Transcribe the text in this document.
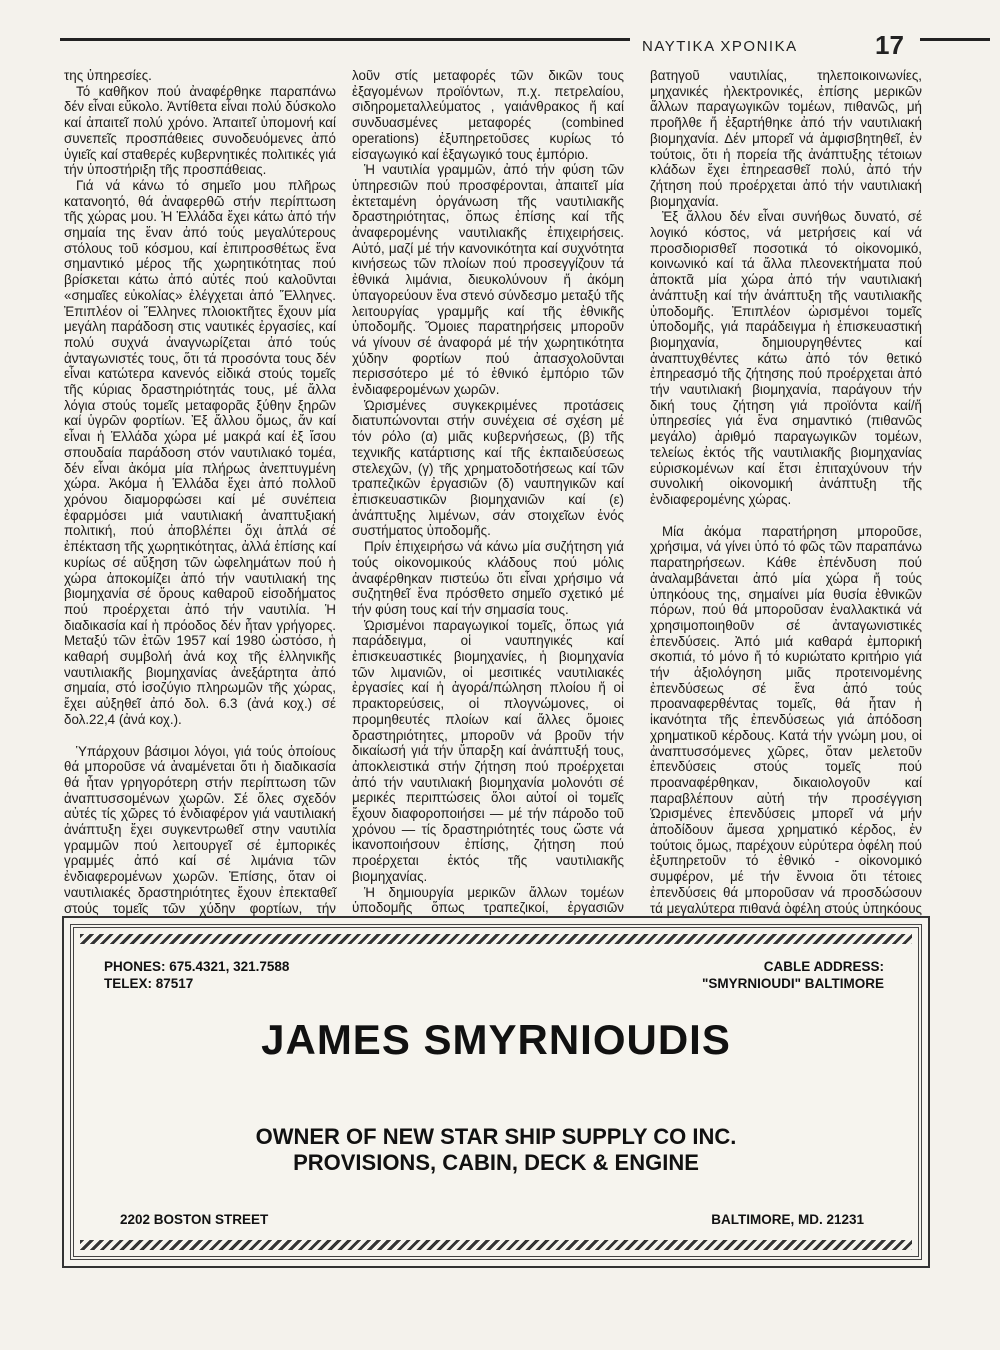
ΝΑΥΤΙΚΑ ΧΡΟΝΙΚΑ	17

της ὑπηρεσίες.

Τό καθῆκον πού ἀναφέρθηκε παραπάνω δέν εἶναι εὔκολο. Ἀντίθετα εἶναι πολύ δύσκολο καί ἀπαιτεῖ πολύ χρόνο. Ἀπαιτεῖ ὑπομονή καί συνεπεῖς προσπάθειες συνοδευόμενες ἀπό ὑγιεῖς καί σταθερές κυβερνητικές πολιτικές γιά τήν ὑποστήριξη τῆς προσπάθειας.

Γιά νά κάνω τό σημεῖο μου πλῆρως κατανοητό, θά ἀναφερθῶ στήν περίπτωση τῆς χώρας μου. Ἡ Ἑλλάδα ἔχει κάτω ἀπό τήν σημαία της ἕναν ἀπό τούς μεγαλύτερους στόλους τοῦ κόσμου, καί ἐπιπροσθέτως ἕνα σημαντικό μέρος τῆς χωρητικότητας πού βρίσκεται κάτω ἀπό αὐτές πού καλοῦνται «σημαῖες εὐκολίας» ἐλέγχεται ἀπό Ἕλληνες. Ἐπιπλέον οἱ Ἕλληνες πλοιοκτῆτες ἔχουν μία μεγάλη παράδοση στις ναυτικές ἐργασίες, καί πολύ συχνά ἀναγνωρίζεται ἀπό τούς ἀνταγωνιστές τους, ὅτι τά προσόντα τους δέν εἶναι κατώτερα κανενός εἰδικά στούς τομεῖς τῆς κύριας δραστηριότητάς τους, μέ ἄλλα λόγια στούς τομεῖς μεταφορᾶς ξύθην ξηρῶν καί ὑγρῶν φορτίων. Ἐξ ἄλλου ὅμως, ἄν καί εἶναι ἡ Ἑλλάδα χώρα μέ μακρά καί ἐξ ἴσου σπουδαία παράδοση στόν ναυτιλιακό τομέα, δέν εἶναι ἀκόμα μία πλήρως ἀνεπτυγμένη χώρα. Ἀκόμα ἡ Ἑλλάδα ἔχει ἀπό πολλοῦ χρόνου διαμορφώσει καί μέ συνέπεια ἐφαρμόσει μιά ναυτιλιακή ἀναπτυξιακή πολιτική, πού ἀποβλέπει ὄχι ἁπλά σέ ἐπέκταση τῆς χωρητικότητας, ἀλλά ἐπίσης καί κυρίως σέ αὔξηση τῶν ὠφελημάτων πού ἡ χώρα ἀποκομίζει ἀπό τήν ναυτιλιακή της βιομηχανία σέ ὅρους καθαροῦ εἰσοδήματος πού προέρχεται ἀπό τήν ναυτιλία. Ἡ διαδικασία καί ἡ πρόοδος δέν ἦταν γρήγορες. Μεταξύ τῶν ἐτῶν 1957 καί 1980 ὡστόσο, ἡ καθαρή συμβολή ἀνά κοχ τῆς ἑλληνικῆς ναυτιλιακῆς βιομηχανίας ἀνεξάρτητα ἀπό σημαία, στό ἰσοζύγιο πληρωμῶν τῆς χώρας, ἔχει αὐξηθεῖ ἀπό δολ. 6.3 (ἀνά κοχ.) σέ δολ.22,4 (ἀνά κοχ.).

Ὑπάρχουν βάσιμοι λόγοι, γιά τούς ὁποίους θά μποροῦσε νά ἀναμένεται ὅτι ἡ διαδικασία θά ἦταν γρηγορότερη στήν περίπτωση τῶν ἀναπτυσσομένων χωρῶν. Σέ ὅλες σχεδόν αὐτές τίς χῶρες τό ἐνδιαφέρον γιά ναυτιλιακή ἀνάπτυξη ἔχει συγκεντρωθεῖ στην ναυτιλία γραμμῶν πού λειτουργεῖ σέ ἐμπορικές γραμμές ἀπό καί σέ λιμάνια τῶν ἐνδιαφερομένων χωρῶν. Ἐπίσης, ὅταν οἱ ναυτιλιακές δραστηριότητες ἔχουν ἐπεκταθεῖ στούς τομεῖς τῶν χύδην φορτίων, τήν

λοῦν στίς μεταφορές τῶν δικῶν τους ἐξαγομένων προϊόντων, π.χ. πετρελαίου, σιδηρομεταλλεύματος , γαιάνθρακος ἤ καί συνδυασμένες μεταφορές (combined operations) ἐξυπηρετοῦσες κυρίως τό εἰσαγωγικό καί ἐξαγωγικό τους ἐμπόριο.

Ἡ ναυτιλία γραμμῶν, ἀπό τήν φύση τῶν ὑπηρεσιῶν πού προσφέρονται, ἀπαιτεῖ μία ἐκτεταμένη ὀργάνωση τῆς ναυτιλιακῆς δραστηριότητας, ὅπως ἐπίσης καί τῆς ἀναφερομένης ναυτιλιακῆς ἐπιχειρήσεις. Αὐτό, μαζί μέ τήν κανονικότητα καί συχνότητα κινήσεως τῶν πλοίων πού προσεγγίζουν τά ἐθνικά λιμάνια, διευκολύνουν ἤ ἀκόμη ὑπαγορεύουν ἕνα στενό σύνδεσμο μεταξύ τῆς λειτουργίας γραμμῆς καί τῆς ἐθνικῆς ὑποδομῆς. Ὅμοιες παρατηρήσεις μποροῦν νά γίνουν σέ ἀναφορά μέ τήν χωρητικότητα χύδην φορτίων πού ἀπασχολοῦνται περισσότερο μέ τό ἐθνικό ἐμπόριο τῶν ἐνδιαφερομένων χωρῶν.

Ὡρισμένες συγκεκριμένες προτάσεις διατυπώνονται στήν συνέχεια σέ σχέση μέ τόν ρόλο (α) μιᾶς κυβερνήσεως, (β) τῆς τεχνικῆς κατάρτισης καί τῆς ἐκπαιδεύσεως στελεχῶν, (γ) τῆς χρηματοδοτήσεως καί τῶν τραπεζικῶν ἐργασιῶν (δ) ναυπηγικῶν καί ἐπισκευαστικῶν βιομηχανιῶν καί (ε) ἀνάπτυξης λιμένων, σάν στοιχεῖων ἑνός συστήματος ὑποδομῆς.

Πρίν ἐπιχειρήσω νά κάνω μία συζήτηση γιά τούς οἰκονομικούς κλάδους πού μόλις ἀναφέρθηκαν πιστεύω ὅτι εἶναι χρήσιμο νά συζητηθεῖ ἕνα πρόσθετο σημεῖο σχετικό μέ τήν φύση τους καί τήν σημασία τους.

Ὡρισμένοι παραγωγικοί τομεῖς, ὅπως γιά παράδειγμα, οἱ ναυπηγικές καί ἐπισκευαστικές βιομηχανίες, ἡ βιομηχανία τῶν λιμανιῶν, οἱ μεσιτικές ναυτιλιακές ἐργασίες καί ἡ ἀγορά/πώληση πλοίου ἤ οἱ πρακτορεύσεις, οἱ πλογνώμονες, οἱ προμηθευτές πλοίων καί ἄλλες ὅμοιες δραστηριότητες, μποροῦν νά βροῦν τήν δικαίωσή γιά τήν ὕπαρξη καί ἀνάπτυξή τους, ἀποκλειστικά στήν ζήτηση πού προέρχεται ἀπό τήν ναυτιλιακή βιομηχανία μολονότι σέ μερικές περιπτώσεις ὅλοι αὐτοί οἱ τομεῖς ἔχουν διαφοροποιήσει — μέ τήν πάροδο τοῦ χρόνου — τίς δραστηριότητές τους ὥστε νά ἱκανοποιήσουν ἐπίσης, ζήτηση πού προέρχεται ἐκτός τῆς ναυτιλιακῆς βιομηχανίας.

Ἡ δημιουργία μερικῶν ἄλλων τομέων ὑποδομῆς ὅπως τραπεζικοί, ἐργασιῶν

βατηγοῦ ναυτιλίας, τηλεποικοινωνίες, μηχανικές ἠλεκτρονικές, ἐπίσης μερικῶν ἄλλων παραγωγικῶν τομέων, πιθανῶς, μή προῆλθε ἤ ἐξαρτήθηκε ἀπό τήν ναυτιλιακή βιομηχανία. Δέν μπορεῖ νά ἀμφισβητηθεῖ, ἐν τούτοις, ὅτι ἡ πορεία τῆς ἀνάπτυξης τέτοιων κλάδων ἔχει ἐπηρεασθεῖ πολύ, ἀπό τήν ζήτηση πού προέρχεται ἀπό τήν ναυτιλιακή βιομηχανία.

Ἐξ ἄλλου δέν εἶναι συνήθως δυνατό, σέ λογικό κόστος, νά μετρήσεις καί νά προσδιορισθεῖ ποσοτικά τό οἰκονομικό, κοινωνικό καί τά ἄλλα πλεονεκτήματα πού ἀποκτᾶ μία χώρα ἀπό τήν ναυτιλιακή ἀνάπτυξη καί τήν ἀνάπτυξη τῆς ναυτιλιακῆς ὑποδομῆς. Ἐπιπλέον ὡρισμένοι τομεῖς ὑποδομῆς, γιά παράδειγμα ἡ ἐπισκευαστική βιομηχανία, δημιουργηθέντες καί ἀναπτυχθέντες κάτω ἀπό τόν θετικό ἐπηρεασμό τῆς ζήτησης πού προέρχεται ἀπό τήν ναυτιλιακή βιομηχανία, παράγουν τήν δική τους ζήτηση γιά προϊόντα καί/ἤ ὑπηρεσίες γιά ἕνα σημαντικό (πιθανῶς μεγάλο) ἀριθμό παραγωγικῶν τομέων, τελείως ἐκτός τῆς ναυτιλιακῆς βιομηχανίας εὐρισκομένων καί ἔτσι ἐπιταχύνουν τήν συνολική οἰκονομική ἀνάπτυξη τῆς ἐνδιαφερομένης χώρας.

Μία ἀκόμα παρατήρηση μποροῦσε, χρήσιμα, νά γίνει ὑπό τό φῶς τῶν παραπάνω παρατηρήσεων. Κάθε ἐπένδυση πού ἀναλαμβάνεται ἀπό μία χώρα ἤ τούς ὑπηκόους της, σημαίνει μία θυσία ἐθνικῶν πόρων, πού θά μποροῦσαν ἐναλλακτικά νά χρησιμοποιηθοῦν σέ ἀνταγωνιστικές ἐπενδύσεις. Ἀπό μιά καθαρά ἐμπορική σκοπιά, τό μόνο ἤ τό κυριώτατο κριτήριο γιά τήν ἀξιολόγηση μιᾶς προτεινομένης ἐπενδύσεως σέ ἕνα ἀπό τούς προαναφερθέντας τομεῖς, θά ἦταν ἡ ἱκανότητα τῆς ἐπενδύσεως γιά ἀπόδοση χρηματικοῦ κέρδους. Κατά τήν γνώμη μου, οἱ ἀναπτυσσόμενες χῶρες, ὅταν μελετοῦν ἐπενδύσεις στούς τομεῖς πού προαναφέρθηκαν, δικαιολογοῦν καί παραβλέπουν αὐτή τήν προσέγγιση Ὡρισμένες ἐπενδύσεις μπορεῖ νά μήν ἀποδίδουν ἄμεσα χρηματικό κέρδος, ἐν τούτοις ὅμως, παρέχουν εὐρύτερα ὀφέλη πού ἐξυπηρετοῦν τό ἐθνικό - οἰκονομικό συμφέρον, μέ τήν ἔννοια ὅτι τέτοιες ἐπενδύσεις θά μποροῦσαν νά προσδώσουν τά μεγαλύτερα πιθανά ὀφέλη στούς ὑπηκόους

PHONES: 675.4321, 321.7588
TELEX: 87517
CABLE ADDRESS:
"SMYRNIOUDI" BALTIMORE
JAMES SMYRNIOUDIS
OWNER OF NEW STAR SHIP SUPPLY CO INC.
PROVISIONS, CABIN, DECK & ENGINE
2202 BOSTON STREET	BALTIMORE, MD. 21231
